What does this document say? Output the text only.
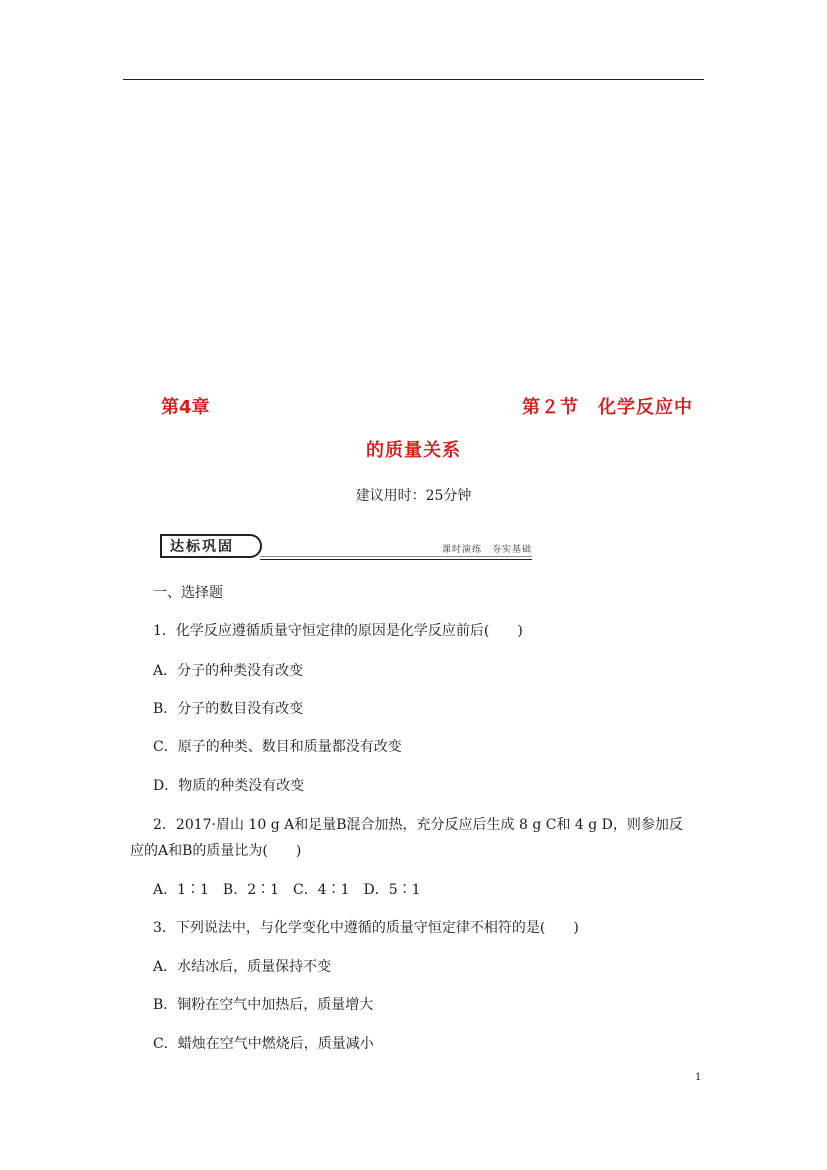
第4章	第２节　化学反应中
的质量关系
建议用时：25分钟
达标巩固	课时演练　夯实基础
一、选择题
1．化学反应遵循质量守恒定律的原因是化学反应前后(　　)
A．分子的种类没有改变
B．分子的数目没有改变
C．原子的种类、数目和质量都没有改变
D．物质的种类没有改变
2．2017·眉山 10 g A和足量B混合加热，充分反应后生成 8 g C和 4 g D，则参加反
应的A和B的质量比为(　　)
A．1∶1　B．2∶1　C．4∶1　D．5∶1
3．下列说法中，与化学变化中遵循的质量守恒定律不相符的是(　　)
A．水结冰后，质量保持不变
B．铜粉在空气中加热后，质量增大
C．蜡烛在空气中燃烧后，质量减小
1
